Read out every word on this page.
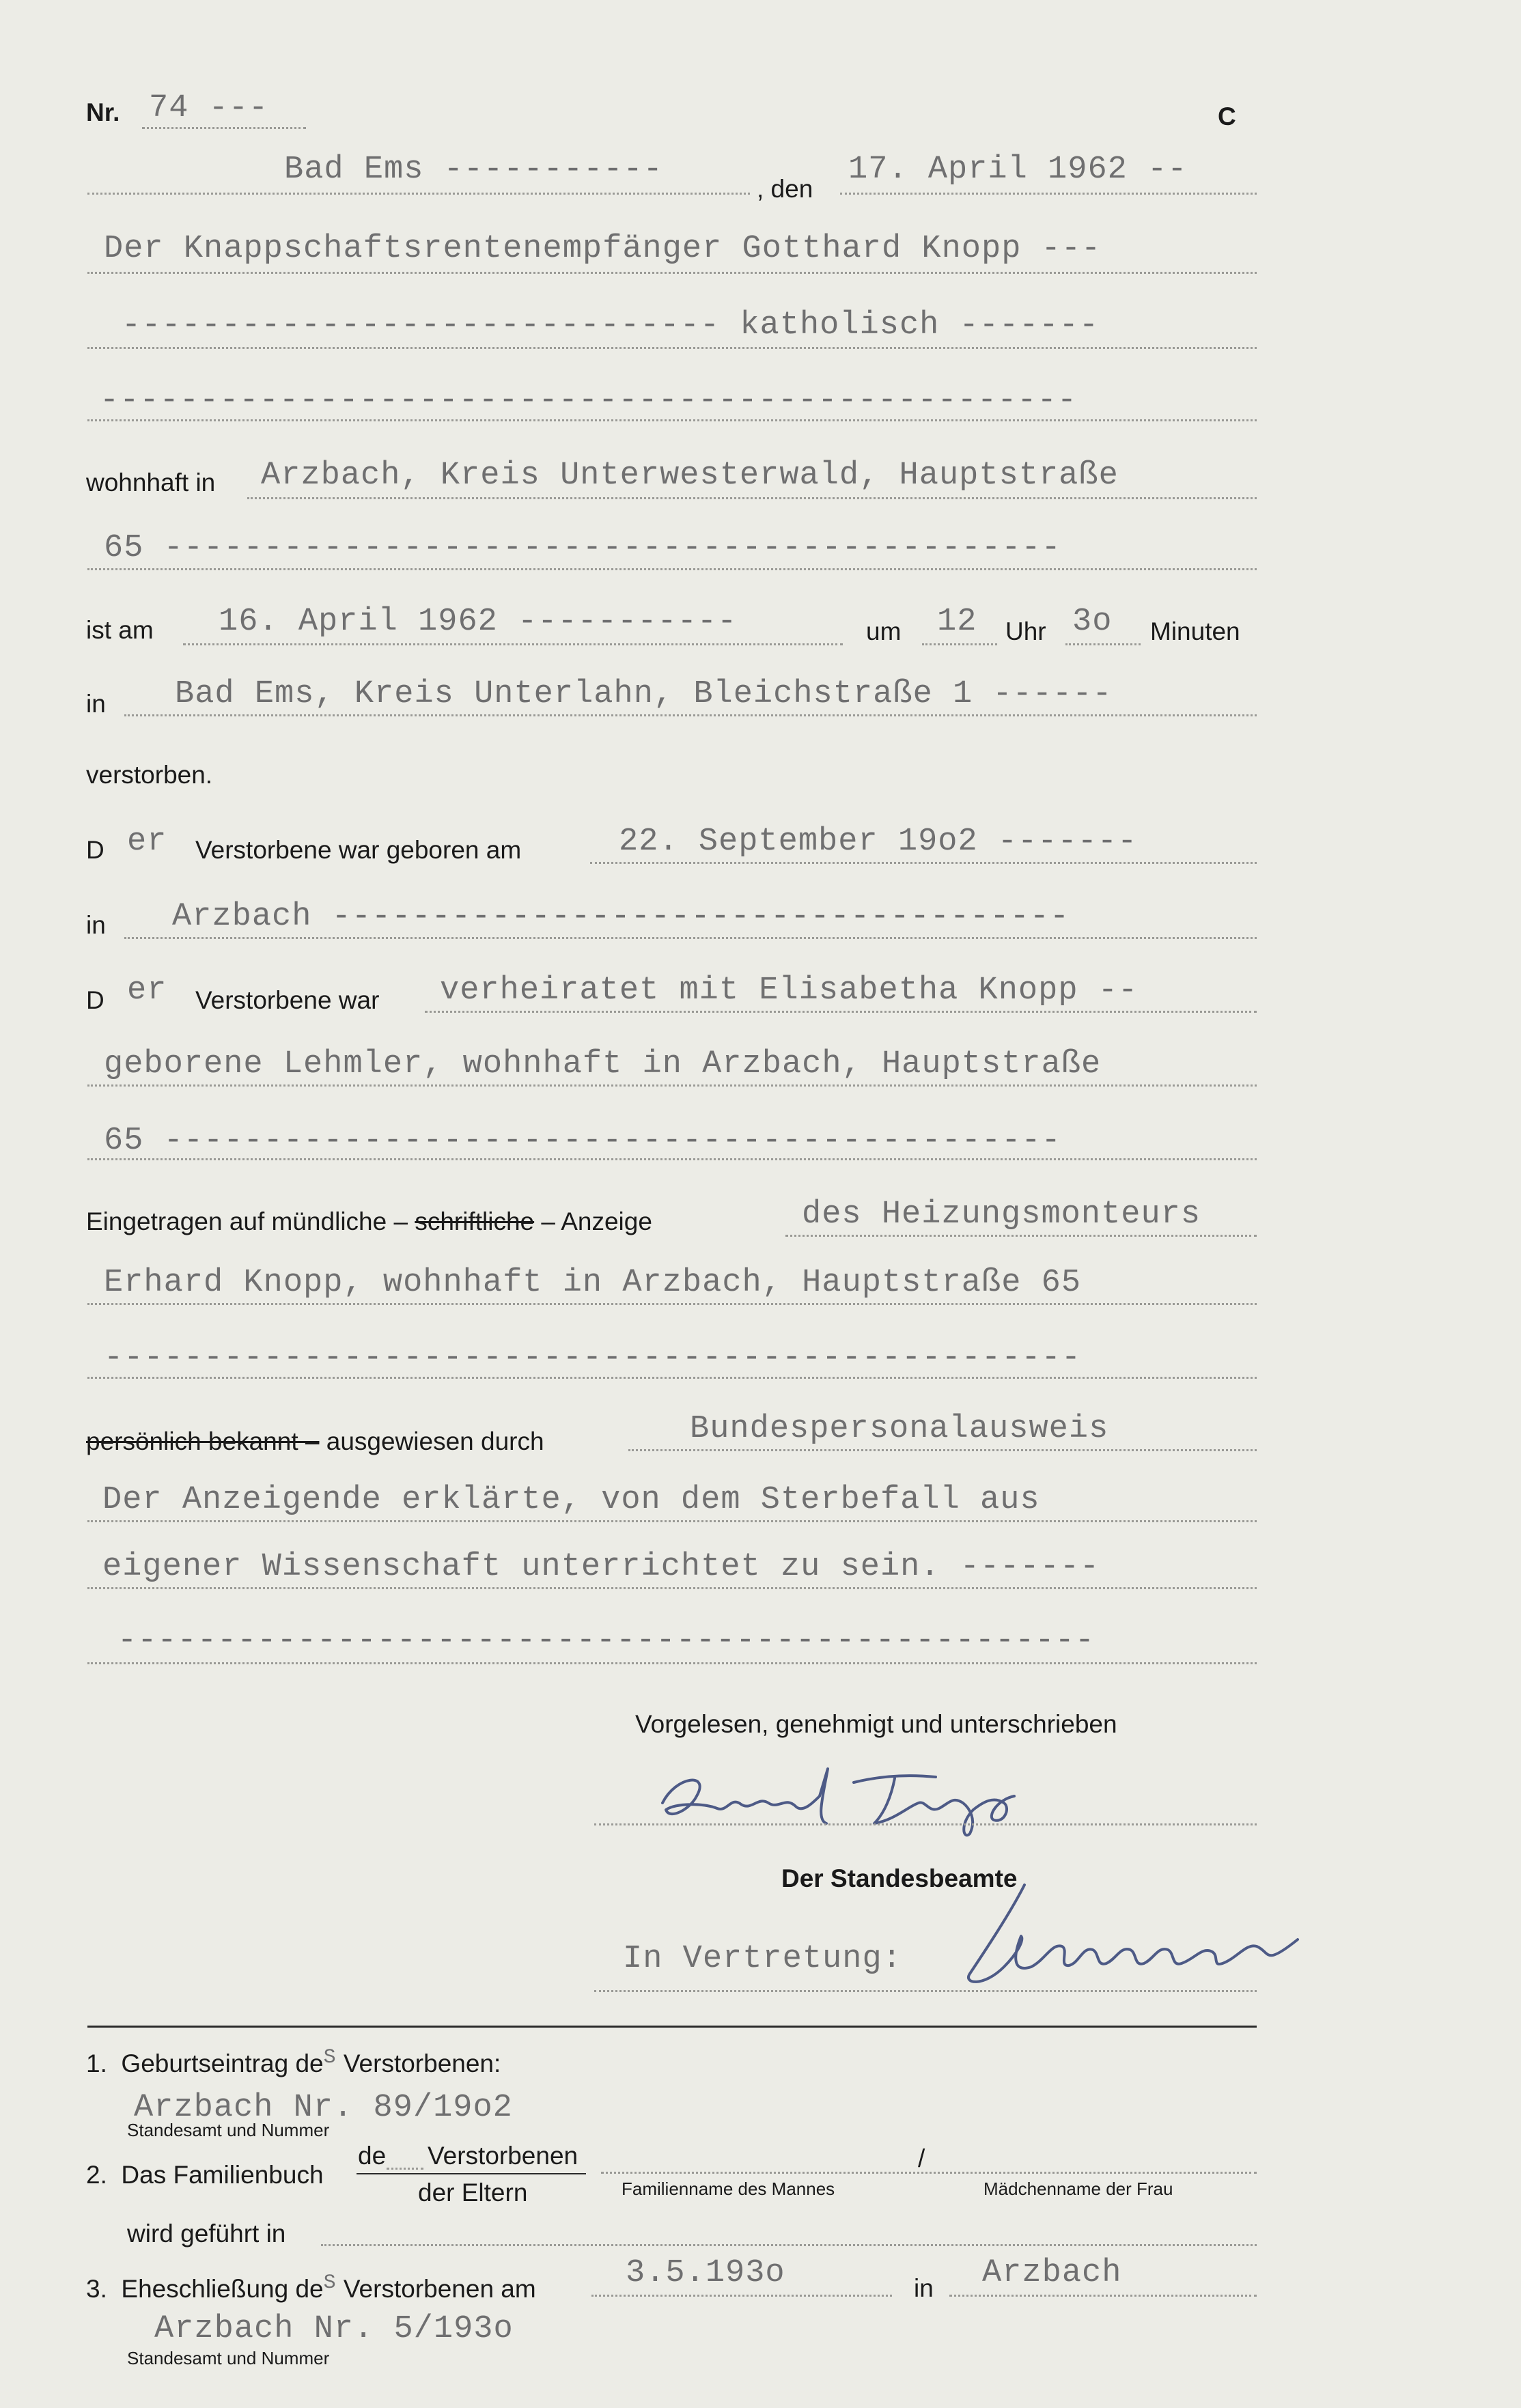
Nr. 74 ---	C
Bad Ems -----------
, den
17. April 1962 --
Der Knappschaftsrentenempfänger Gotthard Knopp ---
------------------------------ katholisch -------
-------------------------------------------------
wohnhaft in Arzbach, Kreis Unterwesterwald, Hauptstraße
65 ---------------------------------------------
ist am 16. April 1962 -----------	um 12 Uhr 3o Minuten
in Bad Ems, Kreis Unterlahn, Bleichstraße 1 ------
verstorben.
D er Verstorbene war geboren am	22. September 19o2 -------
in Arzbach -------------------------------------
D er Verstorbene war verheiratet mit Elisabetha Knopp --
geborene Lehmler, wohnhaft in Arzbach, Hauptstraße
65 ---------------------------------------------
Eingetragen auf mündliche – schriftliche – Anzeige	des Heizungsmonteurs
Erhard Knopp, wohnhaft in Arzbach, Hauptstraße 65
-------------------------------------------------
persönlich bekannt – ausgewiesen durch	Bundespersonalausweis
Der Anzeigende erklärte, von dem Sterbefall aus
eigener Wissenschaft unterrichtet zu sein. -------
-------------------------------------------------
Vorgelesen, genehmigt und unterschrieben
Der Standesbeamte
In Vertretung:
1.  Geburtseintrag $de^S$ Verstorbenen:
Arzbach Nr. 89/19o2
Standesamt und Nummer
2.  Das Familienbuch
de Verstorbenen
der Eltern
/
Familienname des Mannes	Mädchenname der Frau
wird geführt in
3.  Eheschließung $de^S$ Verstorbenen am	3.5.193o	in Arzbach
Arzbach Nr. 5/193o
Standesamt und Nummer
